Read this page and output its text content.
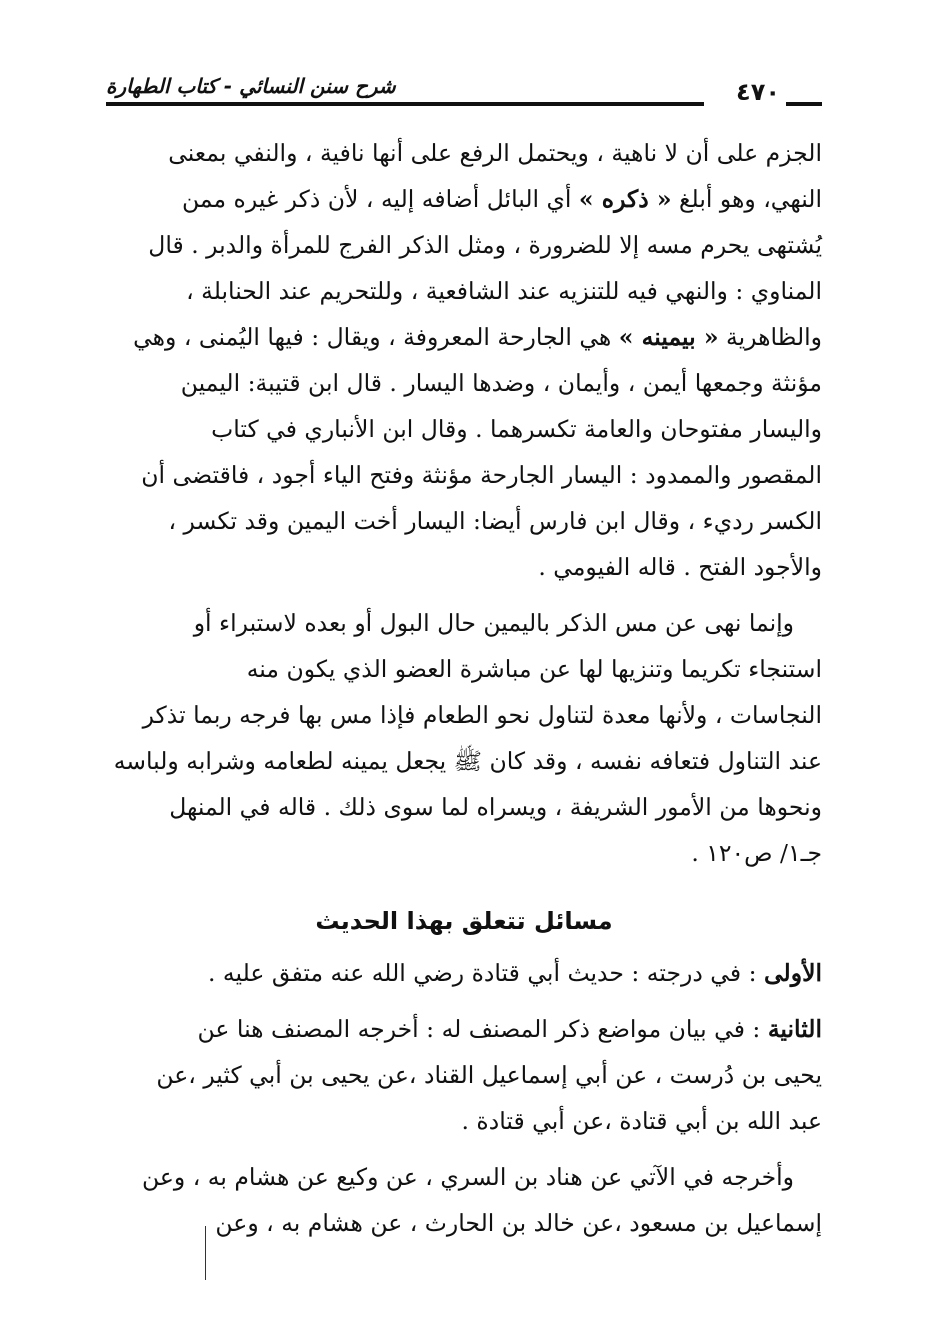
شرح سنن النسائي - كتاب الطهارة	٤٧٠

الجزم على أن لا ناهية ، ويحتمل الرفع على أنها نافية ، والنفي بمعنى

النهي، وهو أبلغ « ذكره » أي البائل أضافه إليه ، لأن ذكر غيره ممن

يُشتهى يحرم مسه إلا للضرورة ، ومثل الذكر الفرج للمرأة والدبر . قال

المناوي : والنهي فيه للتنزيه عند الشافعية ، وللتحريم عند الحنابلة ،

والظاهرية « بيمينه » هي الجارحة المعروفة ، ويقال : فيها اليُمنى ، وهي

مؤنثة وجمعها أيمن ، وأيمان ، وضدها اليسار . قال ابن قتيبة: اليمين

واليسار مفتوحان والعامة تكسرهما . وقال ابن الأنباري في كتاب

المقصور والممدود : اليسار الجارحة مؤنثة وفتح الياء أجود ، فاقتضى أن

الكسر رديء ، وقال ابن فارس أيضا: اليسار أخت اليمين وقد تكسر ،

والأجود الفتح . قاله الفيومي .

وإنما نهى عن مس الذكر باليمين حال البول أو بعده لاستبراء أو

استنجاء تكريما وتنزيها لها عن مباشرة العضو الذي يكون منه

النجاسات ، ولأنها معدة لتناول نحو الطعام فإذا مس بها فرجه ربما تذكر

عند التناول فتعافه نفسه ، وقد كان ﷺ يجعل يمينه لطعامه وشرابه ولباسه

ونحوها من الأمور الشريفة ، ويسراه لما سوى ذلك . قاله في المنهل

جـ١/ ص١٢٠ .

مسائل تتعلق بهذا الحديث

الأولى : في درجته : حديث أبي قتادة رضي الله عنه متفق عليه .

الثانية : في بيان مواضع ذكر المصنف له : أخرجه المصنف هنا عن

يحيى بن دُرست ، عن أبي إسماعيل القناد ،عن يحيى بن أبي كثير ،عن

عبد الله بن أبي قتادة ،عن أبي قتادة .

وأخرجه في الآتي عن هناد بن السري ، عن وكيع عن هشام به ، وعن

إسماعيل بن مسعود ،عن خالد بن الحارث ، عن هشام به ، وعن
